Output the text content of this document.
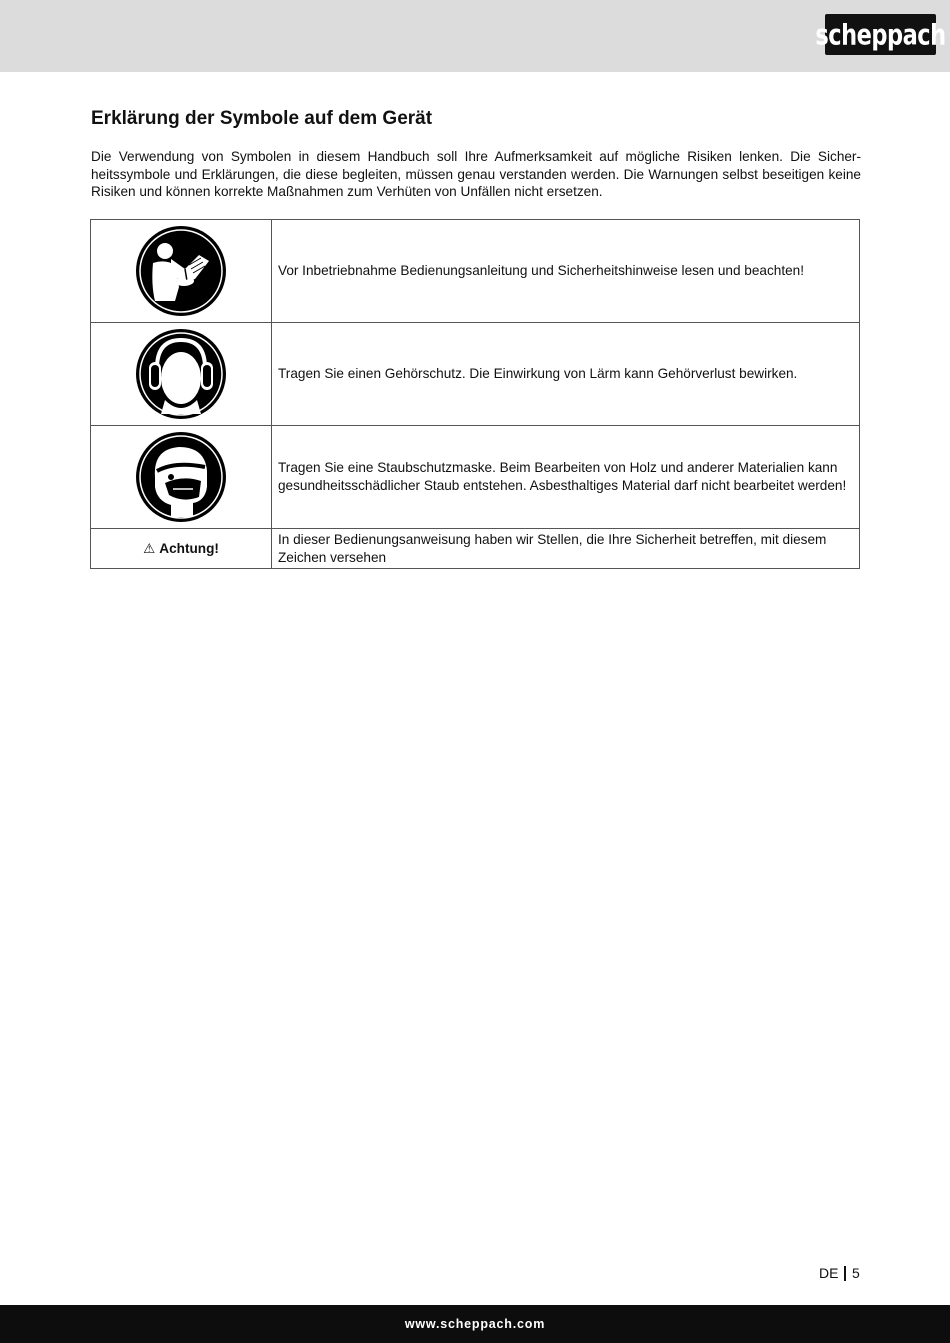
scheppach
Erklärung der Symbole auf dem Gerät

Die Verwendung von Symbolen in diesem Handbuch soll Ihre Aufmerksamkeit auf mögliche Risiken lenken. Die Sicherheitssymbole und Erklärungen, die diese begleiten, müssen genau verstanden werden. Die Warnungen selbst beseitigen keine Risiken und können korrekte Maßnahmen zum Verhüten von Unfällen nicht ersetzen.

	Vor Inbetriebnahme Bedienungsanleitung und Sicherheitshinweise lesen und beachten!

	Tragen Sie einen Gehörschutz. Die Einwirkung von Lärm kann Gehörverlust bewirken.

	Tragen Sie eine Staubschutzmaske. Beim Bearbeiten von Holz und anderer Materialien kann gesundheitsschädlicher Staub entstehen. Asbesthaltiges Material darf nicht bearbeitet werden!
⚠ Achtung!	In dieser Bedienungsanweisung haben wir Stellen, die Ihre Sicherheit betreffen, mit diesem Zeichen versehen
DE 5
www.scheppach.com
